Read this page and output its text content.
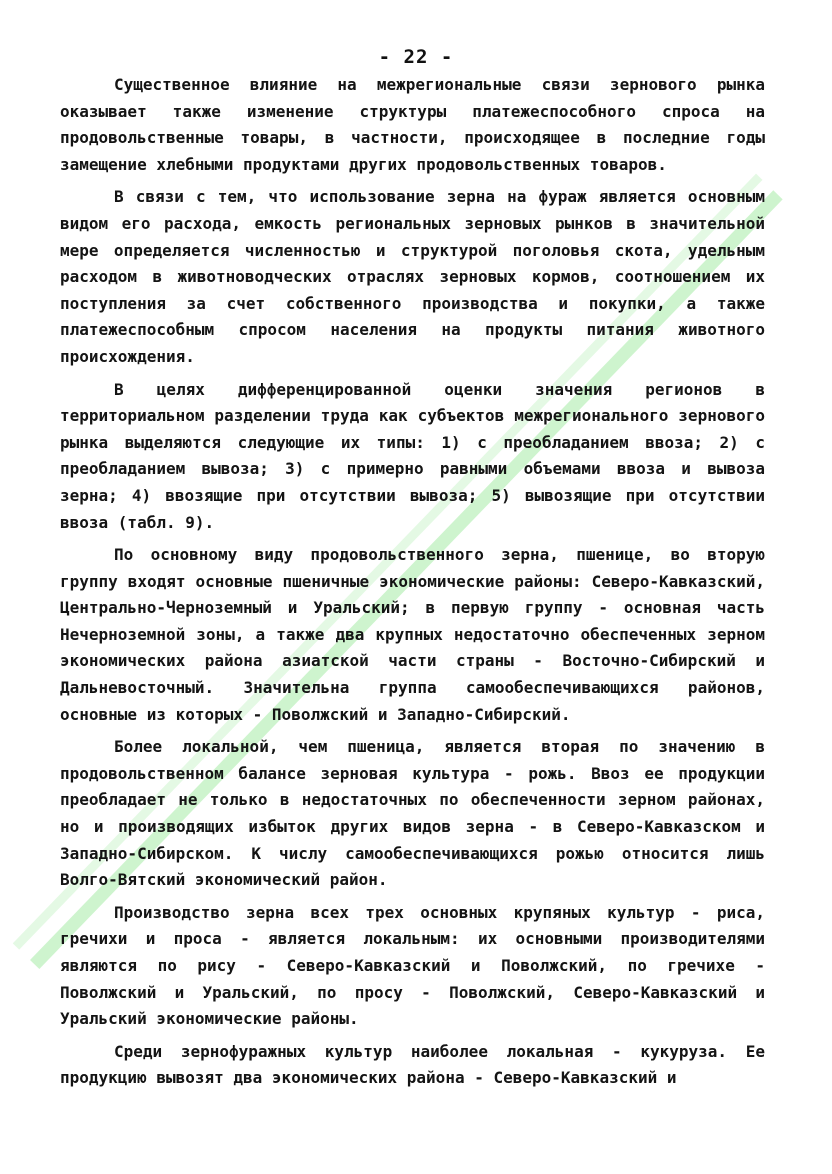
- 22 -

Существенное влияние на межрегиональные связи зернового рынка оказывает также изменение структуры платежеспособного спроса на продовольственные товары, в частности, происходящее в последние годы замещение хлебными продуктами других продовольственных товаров.

В связи с тем, что использование зерна на фураж является основным видом его расхода, емкость региональных зерновых рынков в значительной мере определяется численностью и структурой поголовья скота, удельным расходом в животноводческих отраслях зерновых кормов, соотношением их поступления за счет собственного производства и покупки, а также платежеспособным спросом населения на продукты питания животного происхождения.

В целях дифференцированной оценки значения регионов в территориальном разделении труда как субъектов межрегионального зернового рынка выделяются следующие их типы: 1) с преобладанием ввоза; 2) с преобладанием вывоза; 3) с примерно равными объемами ввоза и вывоза зерна; 4) ввозящие при отсутствии вывоза; 5) вывозящие при отсутствии ввоза (табл. 9).

По основному виду продовольственного зерна, пшенице, во вторую группу входят основные пшеничные экономические районы: Северо-Кавказский, Центрально-Черноземный и Уральский; в первую группу - основная часть Нечерноземной зоны, а также два крупных недостаточно обеспеченных зерном экономических района азиатской части страны - Восточно-Сибирский и Дальневосточный. Значительна группа самообеспечивающихся районов, основные из которых - Поволжский и Западно-Сибирский.

Более локальной, чем пшеница, является вторая по значению в продовольственном балансе зерновая культура - рожь. Ввоз ее продукции преобладает не только в недостаточных по обеспеченности зерном районах, но и производящих избыток других видов зерна - в Северо-Кавказском и Западно-Сибирском. К числу самообеспечивающихся рожью относится лишь Волго-Вятский экономический район.

Производство зерна всех трех основных крупяных культур - риса, гречихи и проса - является локальным: их основными производителями являются по рису - Северо-Кавказский и Поволжский, по гречихе - Поволжский и Уральский, по просу - Поволжский, Северо-Кавказский и Уральский экономические районы.

Среди зернофуражных культур наиболее локальная - кукуруза. Ее продукцию вывозят два экономических района - Северо-Кавказский и
